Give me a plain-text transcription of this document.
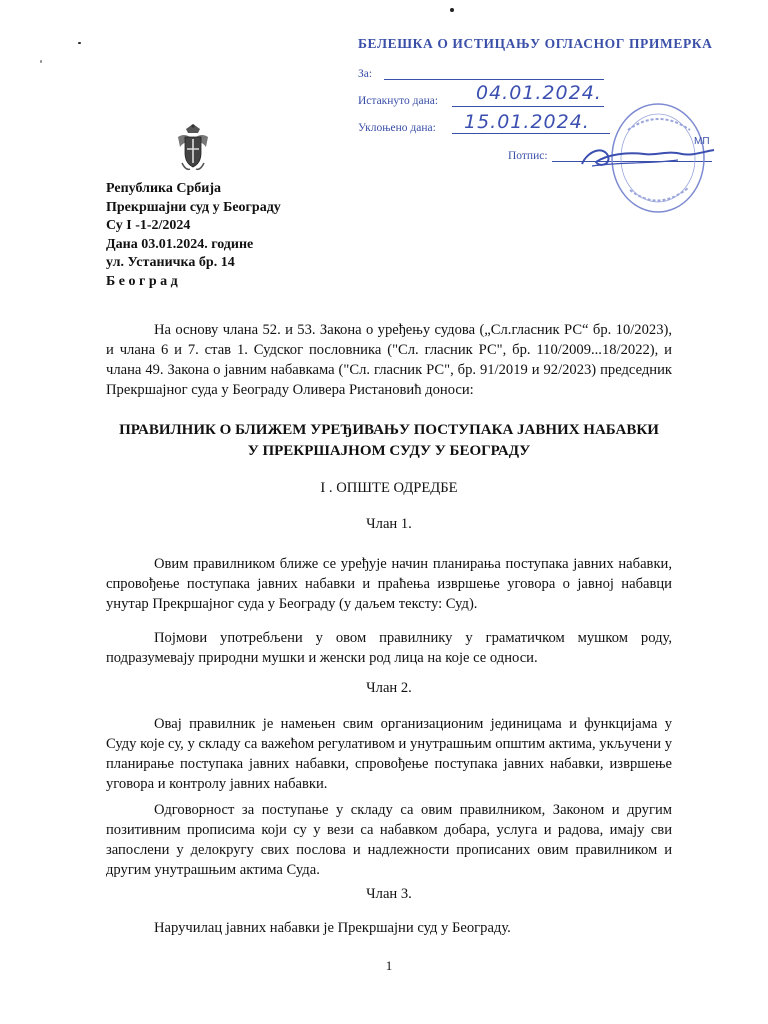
БЕЛЕШКА О ИСТИЦАЊУ ОГЛАСНОГ ПРИМЕРКА
За:
Истакнуто дана: 04.01.2024.
Уклоњено дана: 15.01.2024.
Потпис:
МП
Република Србија
Прекршајни суд у Београду
Су I -1-2/2024
Дана 03.01.2024. године
ул. Устаничка бр. 14
Б е о г р а д
На основу члана 52. и 53. Закона о уређењу судова („Сл.гласник РС“ бр. 10/2023), и члана 6 и 7. став 1. Судског пословника ("Сл. гласник РС", бр. 110/2009...18/2022), и члана 49. Закона о јавним набавкама ("Сл. гласник РС", бр. 91/2019 и 92/2023) председник Прекршајног суда у Београду Оливера Ристановић доноси:
ПРАВИЛНИК О БЛИЖЕМ УРЕЂИВАЊУ ПОСТУПАКА ЈАВНИХ НАБАВКИ
У ПРЕКРШАЈНОМ СУДУ У БЕОГРАДУ
I . ОПШТЕ ОДРЕДБЕ
Члан 1.
Овим правилником ближе се уређује начин планирања поступака јавних набавки, спровођење поступака јавних набавки и праћења извршење уговора о јавној набавци унутар Прекршајног суда у Београду (у даљем тексту: Суд).
Појмови употребљени у овом правилнику у граматичком мушком роду, подразумевају природни мушки и женски род лица на које се односи.
Члан 2.
Овај правилник је намењен свим организационим јединицама и функцијама у Суду које су, у складу са важећом регулативом и унутрашњим општим актима, укључени у планирање поступака јавних набавки, спровођење поступака јавних набавки, извршење уговора и контролу јавних набавки.
Одговорност за поступање у складу са овим правилником, Законом и другим позитивним прописима који су у вези са набавком добара, услуга и радова, имају сви запослени у делокругу свих послова и надлежности прописаних овим правилником и другим унутрашњим актима Суда.
Члан 3.
Наручилац јавних набавки је Прекршајни суд у Београду.
1
